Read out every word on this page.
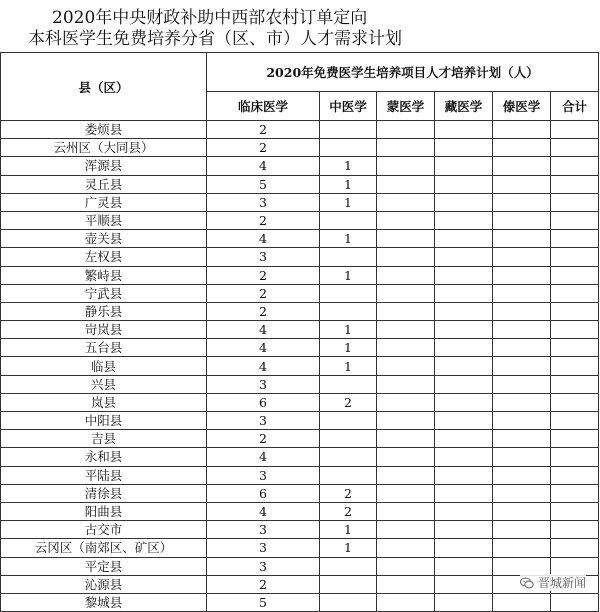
2020年中央财政补助中西部农村订单定向
本科医学生免费培养分省（区、市）人才需求计划
县（区）	2020年免费医学生培养项目人才培养计划（人）					
	临床医学	中医学	蒙医学	藏医学	傣医学	合计
娄烦县	2					
云州区（大同县）	2					
浑源县	4	1				
灵丘县	5	1				
广灵县	3	1				
平顺县	2					
壶关县	4	1				
左权县	3					
繁峙县	2	1				
宁武县	2					
静乐县	2					
岢岚县	4	1				
五台县	4	1				
临县	4	1				
兴县	3					
岚县	6	2				
中阳县	3					
吉县	2					
永和县	4					
平陆县	3					
清徐县	6	2				
阳曲县	4	2				
古交市	3	1				
云冈区（南郊区、矿区）	3	1				
平定县	3					
沁源县	2					
黎城县	5					
晋城新闻
